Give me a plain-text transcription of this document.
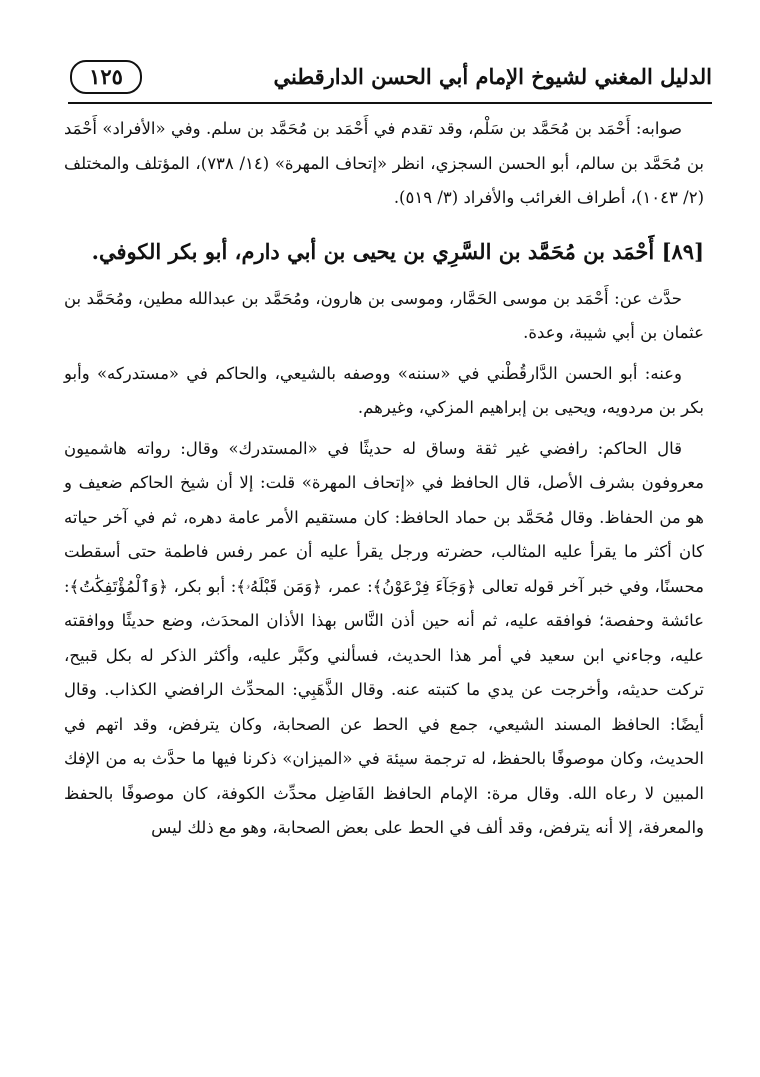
الدليل المغني لشيوخ الإمام أبي الحسن الدارقطني
١٢٥

صوابه: أَحْمَد بن مُحَمَّد بن سَلْم، وقد تقدم في أَحْمَد بن مُحَمَّد بن سلم. وفي «الأفراد» أَحْمَد بن مُحَمَّد بن سالم، أبو الحسن السجزي، انظر «إتحاف المهرة» (١٤/ ٧٣٨)، المؤتلف والمختلف (٢/ ١٠٤٣)، أطراف الغرائب والأفراد (٣/ ٥١٩).

[٨٩] أَحْمَد بن مُحَمَّد بن السَّرِي بن يحيى بن أبي دارم، أبو بكر الكوفي.

حدَّث عن: أَحْمَد بن موسى الحَمَّار، وموسى بن هارون، ومُحَمَّد بن عبدالله مطين، ومُحَمَّد بن عثمان بن أبي شيبة، وعدة.

وعنه: أبو الحسن الدَّارقُطْني في «سننه» ووصفه بالشيعي، والحاكم في «مستدركه» وأبو بكر بن مردويه، ويحيى بن إبراهيم المزكي، وغيرهم.

قال الحاكم: رافضي غير ثقة وساق له حديثًا في «المستدرك» وقال: رواته هاشميون معروفون بشرف الأصل، قال الحافظ في «إتحاف المهرة» قلت: إلا أن شيخ الحاكم ضعيف و هو من الحفاظ. وقال مُحَمَّد بن حماد الحافظ: كان مستقيم الأمر عامة دهره، ثم في آخر حياته كان أكثر ما يقرأ عليه المثالب، حضرته ورجل يقرأ عليه أن عمر رفس فاطمة حتى أسقطت محسنًا، وفي خبر آخر قوله تعالى ﴿وَجَآءَ فِرْعَوْنُ﴾: عمر، ﴿وَمَن قَبْلَهُۥ﴾: أبو بكر، ﴿وَٱلْمُؤْتَفِكَٰتُ﴾: عائشة وحفصة؛ فوافقه عليه، ثم أنه حين أذن النَّاس بهذا الأذان المحدَث، وضع حديثًا ووافقته عليه، وجاءني ابن سعيد في أمر هذا الحديث، فسألني وكبَّر عليه، وأكثر الذكر له بكل قبيح، تركت حديثه، وأخرجت عن يدي ما كتبته عنه. وقال الذَّهَبِي: المحدِّث الرافضي الكذاب. وقال أيضًا: الحافظ المسند الشيعي، جمع في الحط عن الصحابة، وكان يترفض، وقد اتهم في الحديث، وكان موصوفًا بالحفظ، له ترجمة سيئة في «الميزان» ذكرنا فيها ما حدَّث به من الإفك المبين لا رعاه الله. وقال مرة: الإمام الحافظ الفَاضِل محدِّث الكوفة، كان موصوفًا بالحفظ والمعرفة، إلا أنه يترفض، وقد ألف في الحط على بعض الصحابة، وهو مع ذلك ليس
